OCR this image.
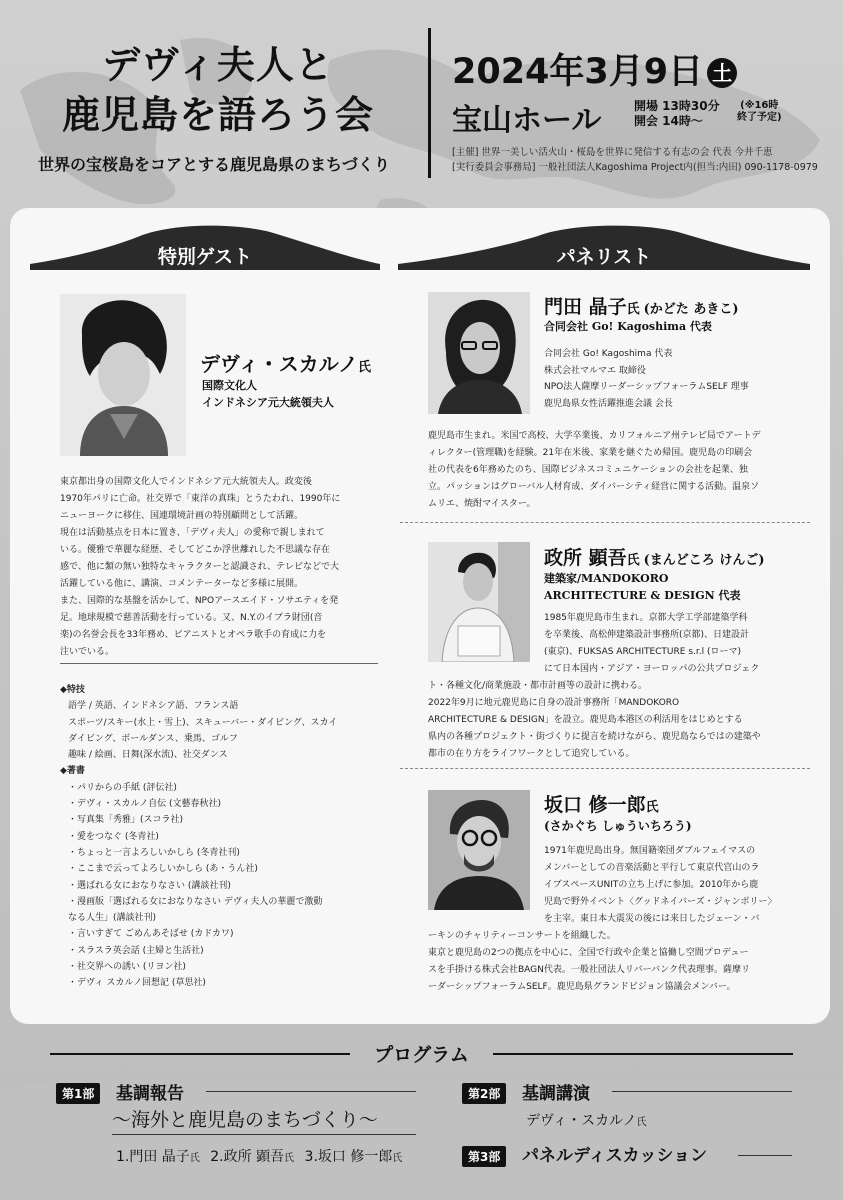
デヴィ夫人と
鹿児島を語ろう会
世界の宝桜島をコアとする鹿児島県のまちづくり
2024年3月9日 土
宝山ホール	開場 13時30分
開会 14時〜
(※16時
終了予定)
[主催] 世界一美しい活火山・桜島を世界に発信する有志の会 代表 今井千恵
[実行委員会事務局] 一般社団法人Kagoshima Project内(担当:内田) 090-1178-0979
特別ゲスト	パネリスト
デヴィ・スカルノ氏
国際文化人
インドネシア元大統領夫人

東京都出身の国際文化人でインドネシア元大統領夫人。政変後

1970年パリに亡命。社交界で「東洋の真珠」とうたわれ、1990年に

ニューヨークに移住、国連環境計画の特別顧問として活躍。

現在は活動基点を日本に置き、「デヴィ夫人」の愛称で親しまれて

いる。優雅で華麗な経歴、そしてどこか浮世離れした不思議な存在

感で、他に類の無い独特なキャラクターと認識され、テレビなどで大

活躍している他に、講演、コメンテーターなど多様に展開。

また、国際的な基盤を活かして、NPOアースエイド・ソサエティを発

足。地球規模で慈善活動を行っている。又、N.Y.のイブラ財団(音

楽)の名誉会長を33年務め、ピアニストとオペラ歌手の育成に力を

注いでいる。

◆特技
語学 / 英語、インドネシア語、フランス語
スポーツ/スキー(水上・雪上)、スキューバー・ダイビング、スカイ
ダイビング、ボールダンス、乗馬、ゴルフ
趣味 / 絵画、日舞(深水流)、社交ダンス
◆著書
・パリからの手紙 (評伝社)
・デヴィ・スカルノ自伝 (文藝春秋社)
・写真集「秀雅」(スコラ社)
・愛をつなぐ (冬青社)
・ちょっと一言よろしいかしら (冬青社刊)
・ここまで云ってよろしいかしら (あ・うん社)
・選ばれる女におなりなさい (講談社刊)
・漫画版「選ばれる女におなりなさい デヴィ夫人の華麗で激動
なる人生」(講談社刊)
・言いすぎて ごめんあそばせ (カドカワ)
・スラスラ英会話 (主婦と生活社)
・社交界への誘い (リヨン社)
・デヴィ スカルノ回想記 (草思社)
門田 晶子氏 (かどた あきこ)
合同会社 Go! Kagoshima 代表

合同会社 Go! Kagoshima 代表

株式会社マルマエ 取締役

NPO法人薩摩リーダーシップフォーラムSELF 理事

鹿児島県女性活躍推進会議 会長

鹿児島市生まれ。米国で高校、大学卒業後、カリフォルニア州テレビ局でアートデ

ィレクター(管理職)を経験。21年在米後、家業を継ぐため帰国。鹿児島の印刷会

社の代表を6年務めたのち、国際ビジネスコミュニケーションの会社を起業、独

立。パッションはグローバル人材育成、ダイバーシティ経営に関する活動。温泉ソ

ムリエ、焼酎マイスター。

政所 顕吾氏 (まんどころ けんご)
建築家/MANDOKORO
ARCHITECTURE & DESIGN 代表

1985年鹿児島市生まれ。京都大学工学部建築学科

を卒業後、高松伸建築設計事務所(京都)、日建設計

(東京)、FUKSAS ARCHITECTURE s.r.l (ローマ)

にて日本国内・アジア・ヨーロッパの公共プロジェク

ト・各種文化/商業施設・都市計画等の設計に携わる。

2022年9月に地元鹿児島に自身の設計事務所「MANDOKORO

ARCHITECTURE & DESIGN」を設立。鹿児島本港区の利活用をはじめとする

県内の各種プロジェクト・街づくりに提言を続けながら、鹿児島ならではの建築や

都市の在り方をライフワークとして追究している。

坂口 修一郎氏
(さかぐち しゅういちろう)

1971年鹿児島出身。無国籍楽団ダブルフェイマスの

メンバーとしての音楽活動と平行して東京代官山のラ

イブスペースUNITの立ち上げに参加。2010年から鹿

児島で野外イベント〈グッドネイバーズ・ジャンボリー〉

を主宰。東日本大震災の後には来日したジェーン・バ

ーキンのチャリティーコンサートを組織した。

東京と鹿児島の2つの拠点を中心に、全国で行政や企業と協働し空間プロデュー

スを手掛ける株式会社BAGN代表。一般社団法人リバーバンク代表理事。薩摩リ

ーダーシップフォーラムSELF。鹿児島県グランドビジョン協議会メンバー。

プログラム
第1部	基調報告
〜海外と鹿児島のまちづくり〜
1.門田 晶子氏 2.政所 顕吾氏 3.坂口 修一郎氏
第2部	基調講演
デヴィ・スカルノ氏
第3部	パネルディスカッション
